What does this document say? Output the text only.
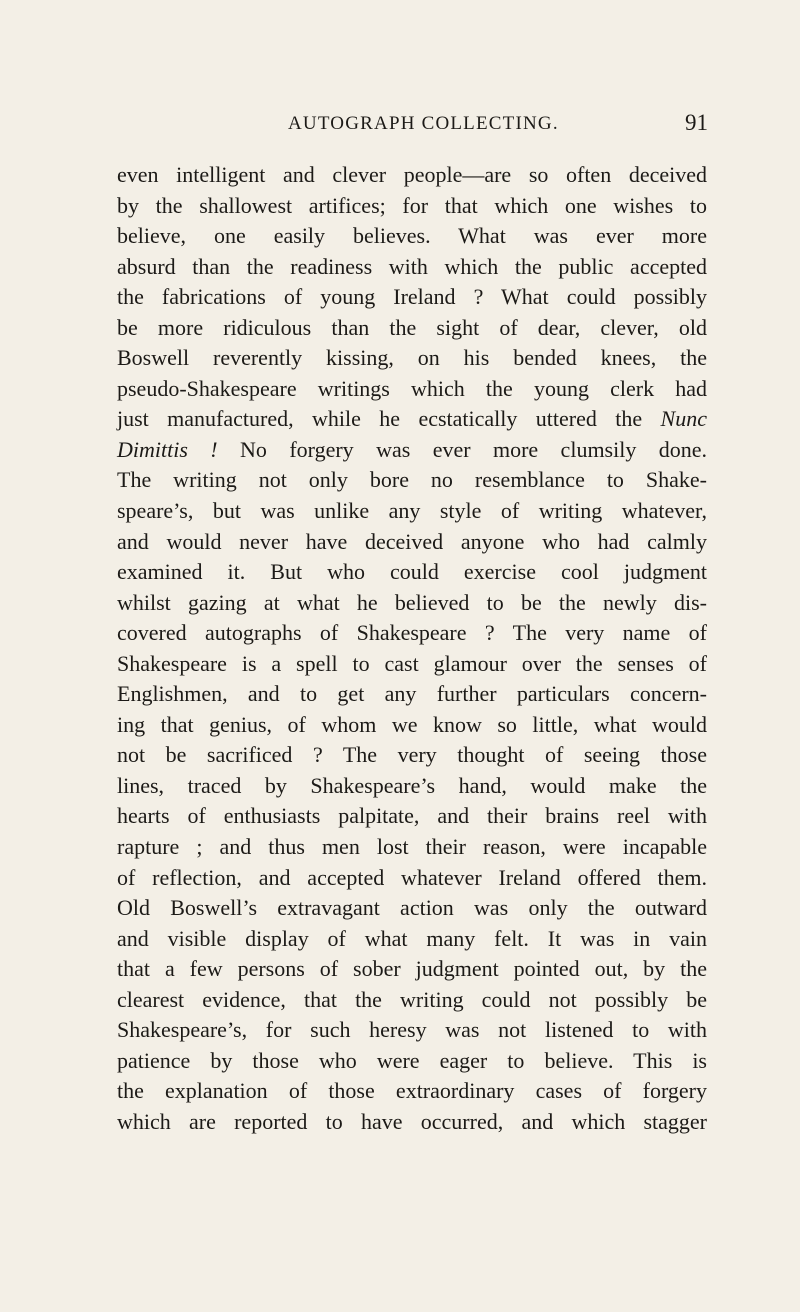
AUTOGRAPH COLLECTING.	91
even intelligent and clever people—are so often deceived
by the shallowest artifices; for that which one wishes to
believe, one easily believes. What was ever more
absurd than the readiness with which the public accepted
the fabrications of young Ireland ? What could possibly
be more ridiculous than the sight of dear, clever, old
Boswell reverently kissing, on his bended knees, the
pseudo-Shakespeare writings which the young clerk had
just manufactured, while he ecstatically uttered the Nunc
Dimittis ! No forgery was ever more clumsily done.
The writing not only bore no resemblance to Shake-
speare’s, but was unlike any style of writing whatever,
and would never have deceived anyone who had calmly
examined it. But who could exercise cool judgment
whilst gazing at what he believed to be the newly dis-
covered autographs of Shakespeare ? The very name of
Shakespeare is a spell to cast glamour over the senses of
Englishmen, and to get any further particulars concern-
ing that genius, of whom we know so little, what would
not be sacrificed ? The very thought of seeing those
lines, traced by Shakespeare’s hand, would make the
hearts of enthusiasts palpitate, and their brains reel with
rapture ; and thus men lost their reason, were incapable
of reflection, and accepted whatever Ireland offered them.
Old Boswell’s extravagant action was only the outward
and visible display of what many felt. It was in vain
that a few persons of sober judgment pointed out, by the
clearest evidence, that the writing could not possibly be
Shakespeare’s, for such heresy was not listened to with
patience by those who were eager to believe. This is
the explanation of those extraordinary cases of forgery
which are reported to have occurred, and which stagger
